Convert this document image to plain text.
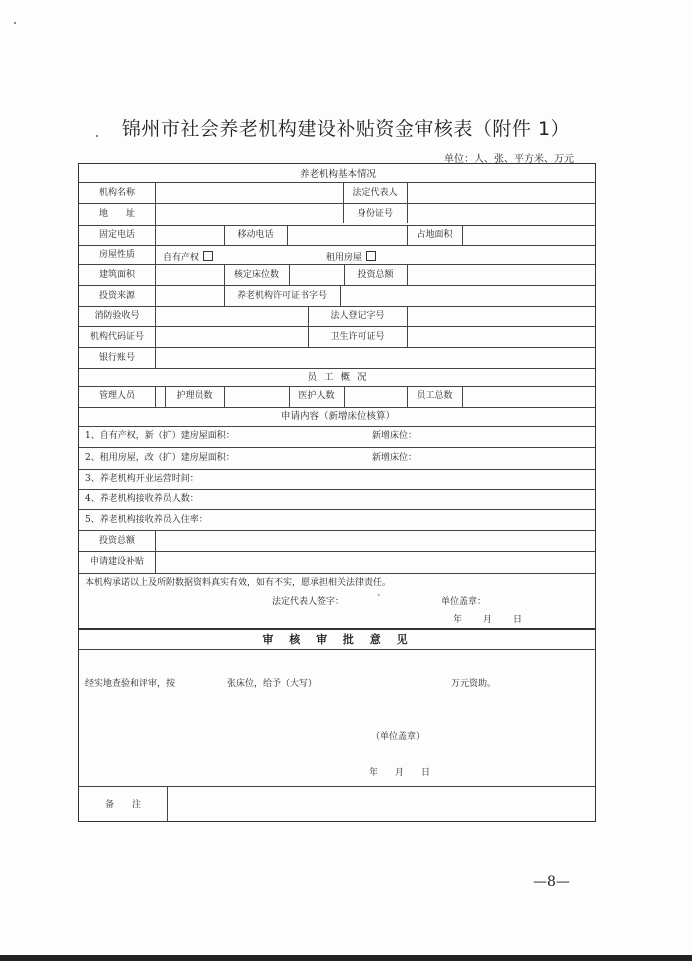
锦州市社会养老机构建设补贴资金审核表（附件 1）
单位：人、张、平方米、万元
养老机构基本情况
机构名称	法定代表人
地　　址	身份证号
固定电话	移动电话	占地面积
房屋性质	自有产权	租用房屋
建筑面积	核定床位数	投资总额
投资来源	养老机构许可证书字号
消防验收号	法人登记字号
机构代码证号	卫生许可证号
银行账号
员 工 概 况
管理人员	护理员数	医护人数	员工总数
申请内容（新增床位核算）
1、自有产权，新（扩）建房屋面积：	新增床位：
2、租用房屋，改（扩）建房屋面积：	新增床位：
3、养老机构开业运营时间：
4、养老机构接收养员人数：
5、养老机构接收养员入住率：
投资总额
申请建设补贴
本机构承诺以上及所附数据资料真实有效，如有不实，愿承担相关法律责任。
法定代表人签字：	`	单位盖章：
年 月 日
审 核 审 批 意 见
经实地查验和评审，按	张床位，给予（大写）	万元资助。
（单位盖章）
年 月 日
备　　注
—8—
